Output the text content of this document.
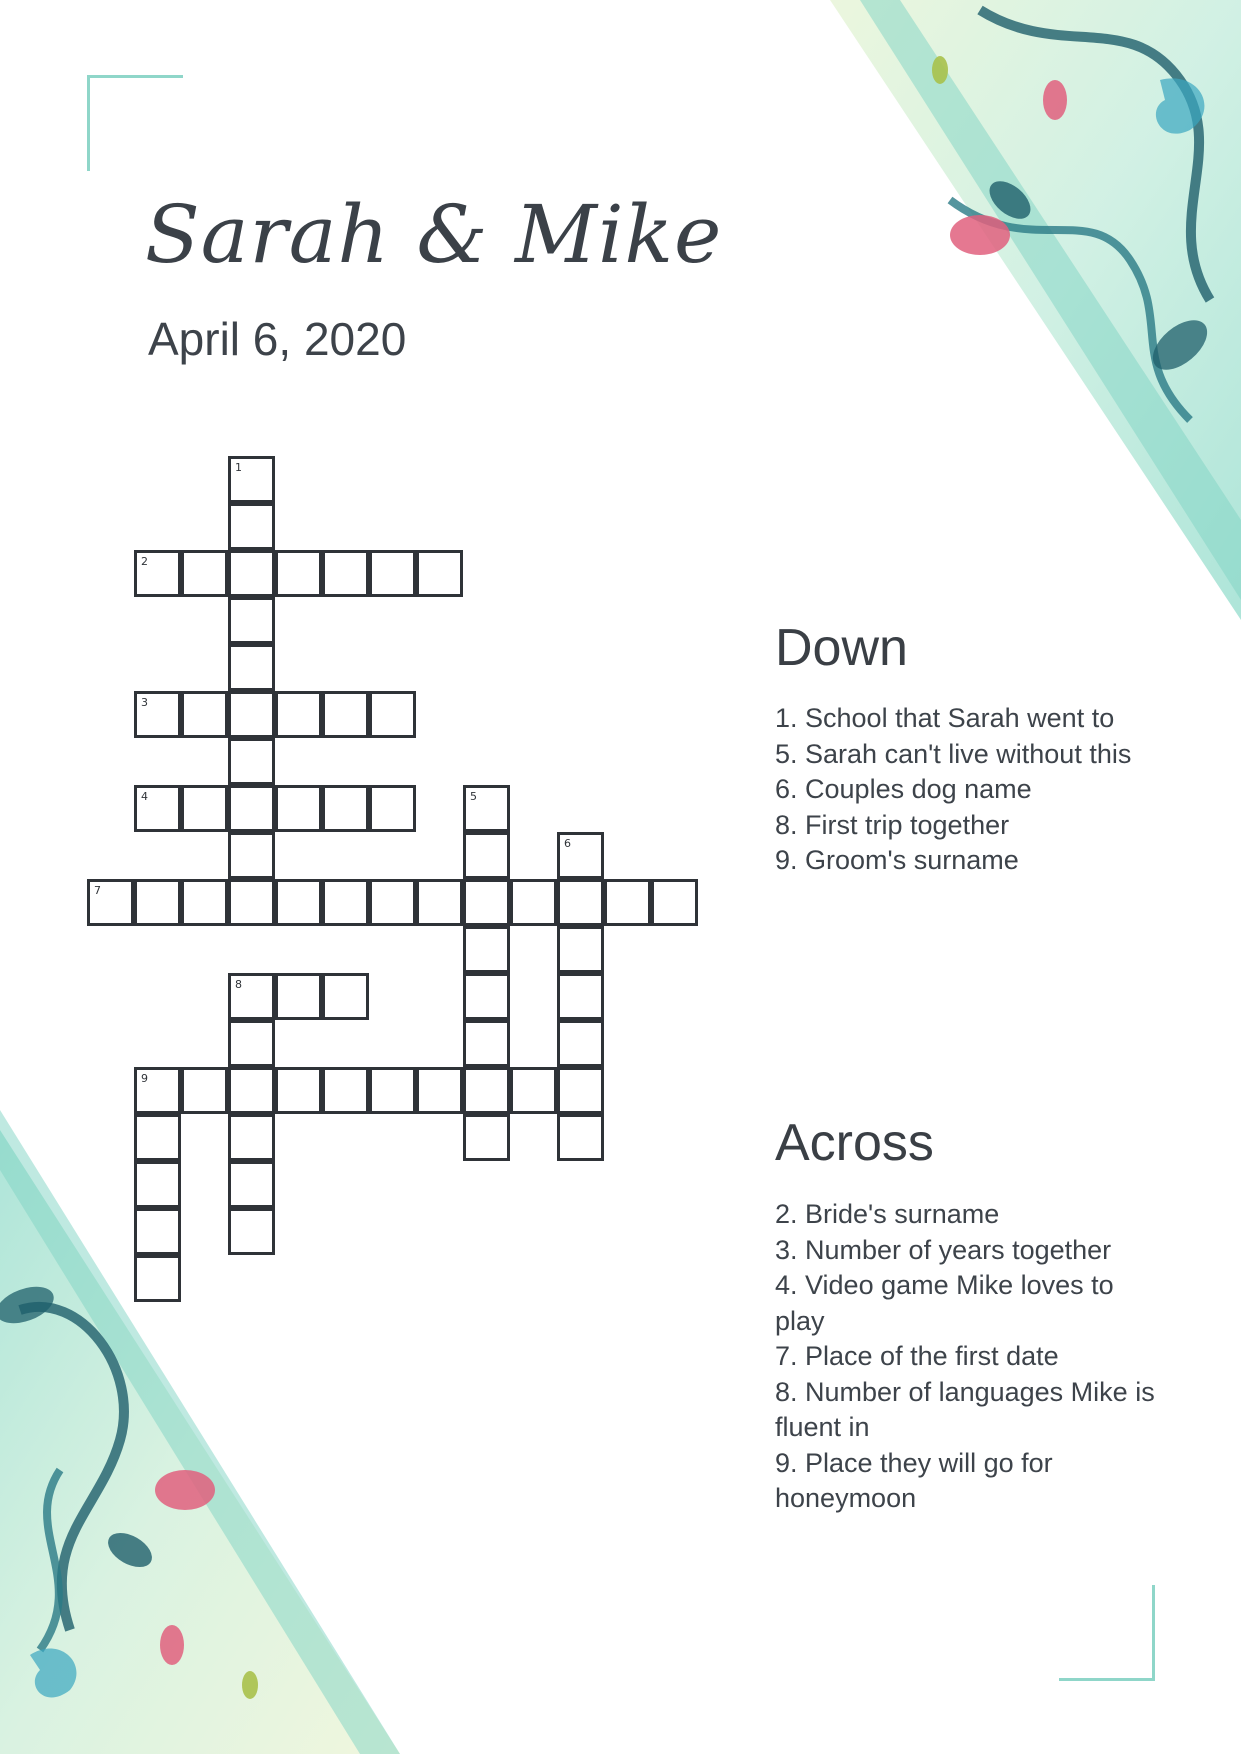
Sarah & Mike
April 6, 2020
1
2
3
4	5
6
7
8
9
Down
1. School that Sarah went to
5. Sarah can't live without this
6. Couples dog name
8. First trip together
9. Groom's surname
Across
2. Bride's surname
3. Number of years together
4. Video game Mike loves to play
7. Place of the first date
8. Number of languages Mike is fluent in
9. Place they will go for honeymoon
